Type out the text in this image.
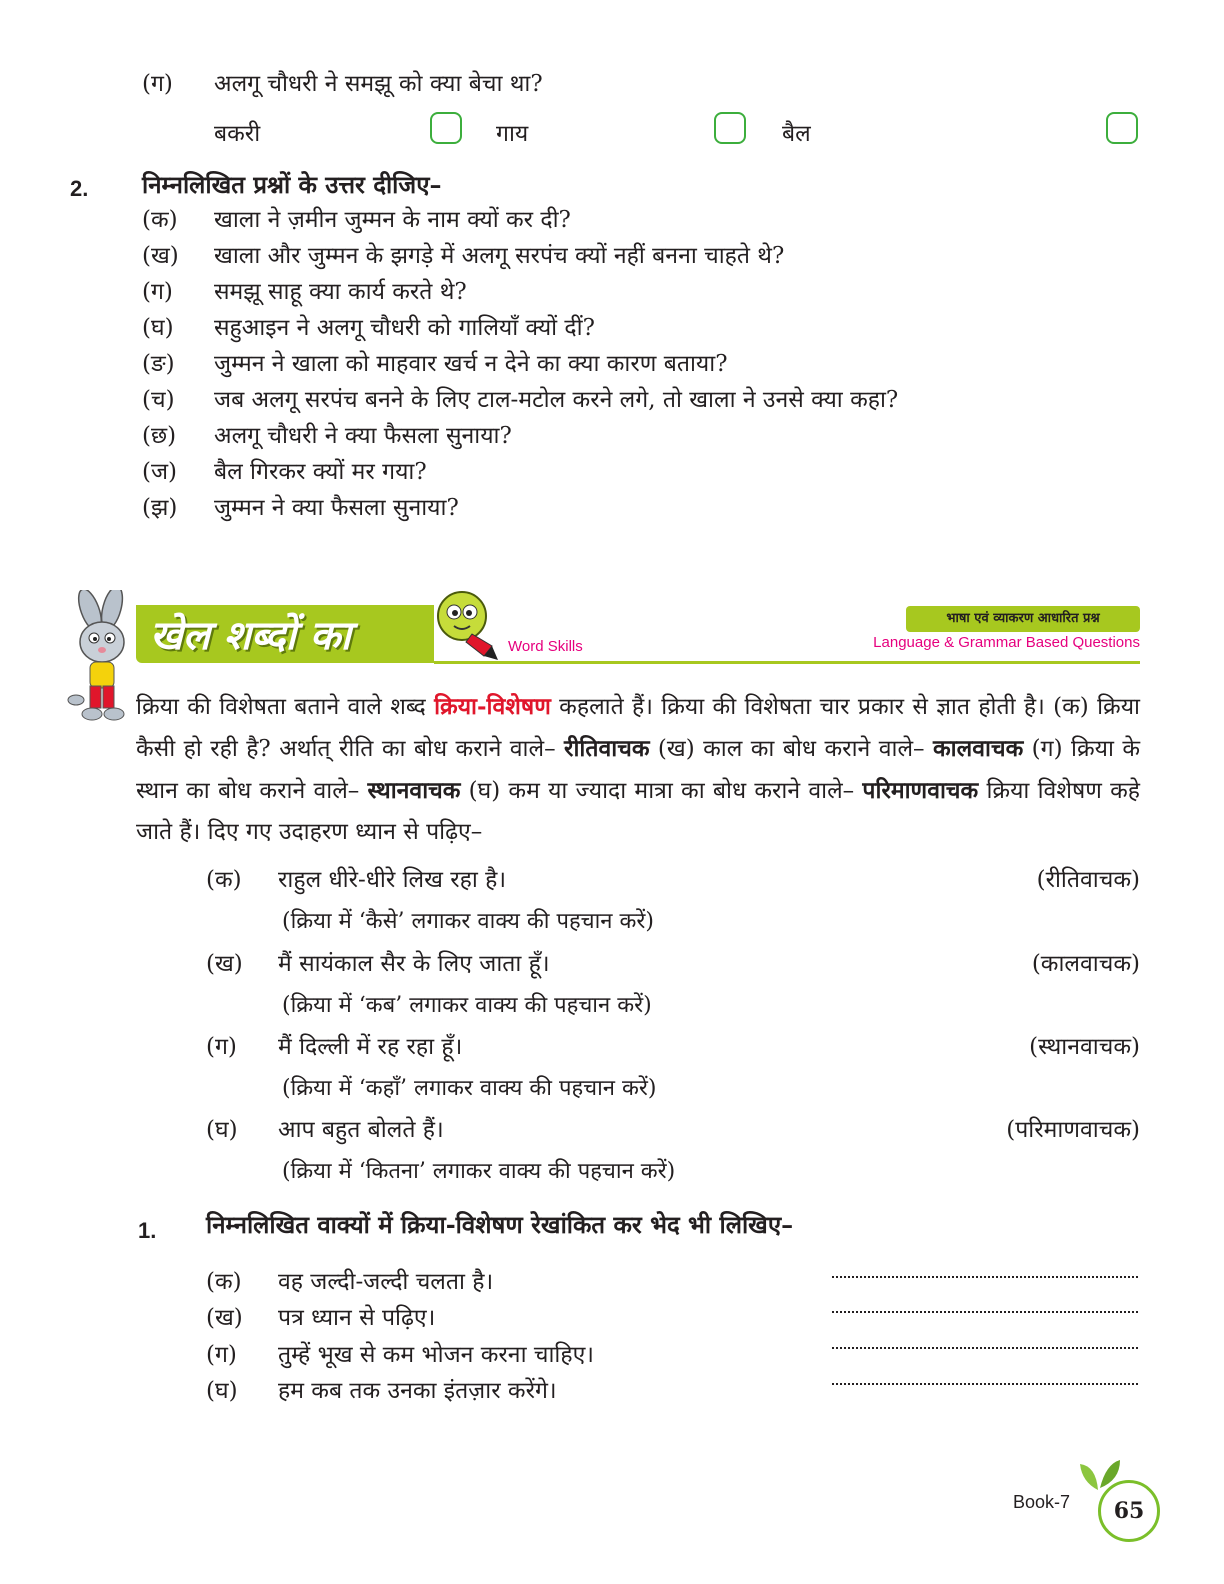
(ग) अलगू चौधरी ने समझू को क्या बेचा था?
बकरी	गाय	बैल
2. निम्नलिखित प्रश्नों के उत्तर दीजिए–
(क) खाला ने ज़मीन जुम्मन के नाम क्यों कर दी?
(ख) खाला और जुम्मन के झगड़े में अलगू सरपंच क्यों नहीं बनना चाहते थे?
(ग) समझू साहू क्या कार्य करते थे?
(घ) सहुआइन ने अलगू चौधरी को गालियाँ क्यों दीं?
(ङ) जुम्मन ने खाला को माहवार खर्च न देने का क्या कारण बताया?
(च) जब अलगू सरपंच बनने के लिए टाल-मटोल करने लगे, तो खाला ने उनसे क्या कहा?
(छ) अलगू चौधरी ने क्या फैसला सुनाया?
(ज) बैल गिरकर क्यों मर गया?
(झ) जुम्मन ने क्या फैसला सुनाया?
खेल शब्दों का	Word Skills
भाषा एवं व्याकरण आधारित प्रश्न
Language & Grammar Based Questions
क्रिया की विशेषता बताने वाले शब्द क्रिया-विशेषण कहलाते हैं। क्रिया की विशेषता चार प्रकार से ज्ञात होती है। (क) क्रिया कैसी हो रही है? अर्थात् रीति का बोध कराने वाले– रीतिवाचक (ख) काल का बोध कराने वाले– कालवाचक (ग) क्रिया के स्थान का बोध कराने वाले– स्थानवाचक (घ) कम या ज्यादा मात्रा का बोध कराने वाले– परिमाणवाचक क्रिया विशेषण कहे जाते हैं। दिए गए उदाहरण ध्यान से पढ़िए–
(क) राहुल धीरे-धीरे लिख रहा है।	(रीतिवाचक)
(क्रिया में ‘कैसे’ लगाकर वाक्य की पहचान करें)
(ख) मैं सायंकाल सैर के लिए जाता हूँ।	(कालवाचक)
(क्रिया में ‘कब’ लगाकर वाक्य की पहचान करें)
(ग) मैं दिल्ली में रह रहा हूँ।	(स्थानवाचक)
(क्रिया में ‘कहाँ’ लगाकर वाक्य की पहचान करें)
(घ) आप बहुत बोलते हैं।	(परिमाणवाचक)
(क्रिया में ‘कितना’ लगाकर वाक्य की पहचान करें)
1. निम्नलिखित वाक्यों में क्रिया-विशेषण रेखांकित कर भेद भी लिखिए–
(क) वह जल्दी-जल्दी चलता है।
(ख) पत्र ध्यान से पढ़िए।
(ग) तुम्हें भूख से कम भोजन करना चाहिए।
(घ) हम कब तक उनका इंतज़ार करेंगे।
Book-7	65
